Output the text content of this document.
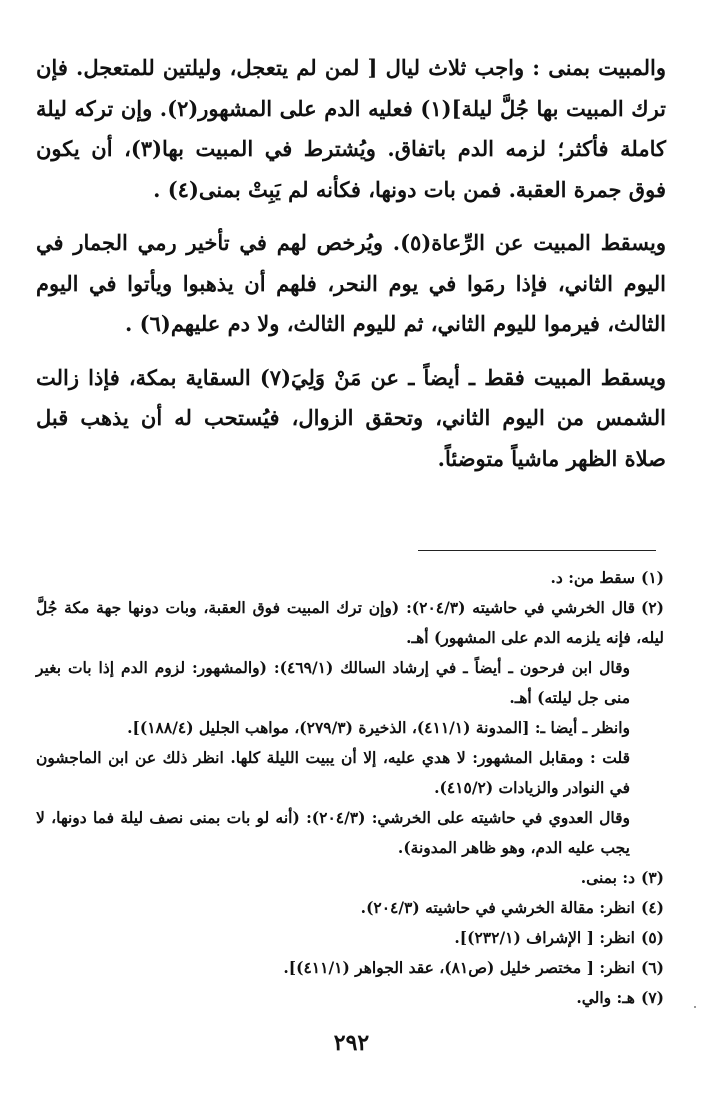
والمبيت بمنى : واجب ثلاث ليال [ لمن لم يتعجل، وليلتين للمتعجل. فإن ترك المبيت بها جُلَّ ليلة](١) فعليه الدم على المشهور(٢). وإن تركه ليلة كاملة فأكثر؛ لزمه الدم باتفاق. ويُشترط في المبيت بها(٣)، أن يكون فوق جمرة العقبة. فمن بات دونها، فكأنه لم يَبِتْ بمنى(٤) .

ويسقط المبيت عن الرِّعاة(٥). ويُرخص لهم في تأخير رمي الجمار في اليوم الثاني، فإذا رمَوا في يوم النحر، فلهم أن يذهبوا ويأتوا في اليوم الثالث، فيرموا لليوم الثاني، ثم لليوم الثالث، ولا دم عليهم(٦) .

ويسقط المبيت فقط ـ أيضاً ـ عن مَنْ وَلِيَ(٧) السقاية بمكة، فإذا زالت الشمس من اليوم الثاني، وتحقق الزوال، فيُستحب له أن يذهب قبل صلاة الظهر ماشياً متوضئاً.

(١)سقط من: د.

(٢)قال الخرشي في حاشيته (٢٠٤/٣): (وإن ترك المبيت فوق العقبة، وبات دونها جهة مكة جُلَّ ليله، فإنه يلزمه الدم على المشهور) أهـ.

وقال ابن فرحون ـ أيضاً ـ في إرشاد السالك (٤٦٩/١): (والمشهور: لزوم الدم إذا بات بغير منى جل ليلته) أهـ.

وانظر ـ أيضا ـ: [المدونة (٤١١/١)، الذخيرة (٢٧٩/٣)، مواهب الجليل (١٨٨/٤)].

قلت : ومقابل المشهور: لا هدي عليه، إلا أن يبيت الليلة كلها. انظر ذلك عن ابن الماجشون في النوادر والزيادات (٤١٥/٢).

وقال العدوي في حاشيته على الخرشي: (٢٠٤/٣): (أنه لو بات بمنى نصف ليلة فما دونها، لا يجب عليه الدم، وهو ظاهر المدونة).

(٣)د: بمنى.

(٤)انظر: مقالة الخرشي في حاشيته (٢٠٤/٣).

(٥)انظر: [ الإشراف (٢٣٢/١)].

(٦)انظر: [ مختصر خليل (ص٨١)، عقد الجواهر (٤١١/١)].

(٧)هـ: والي.

٢٩٢
